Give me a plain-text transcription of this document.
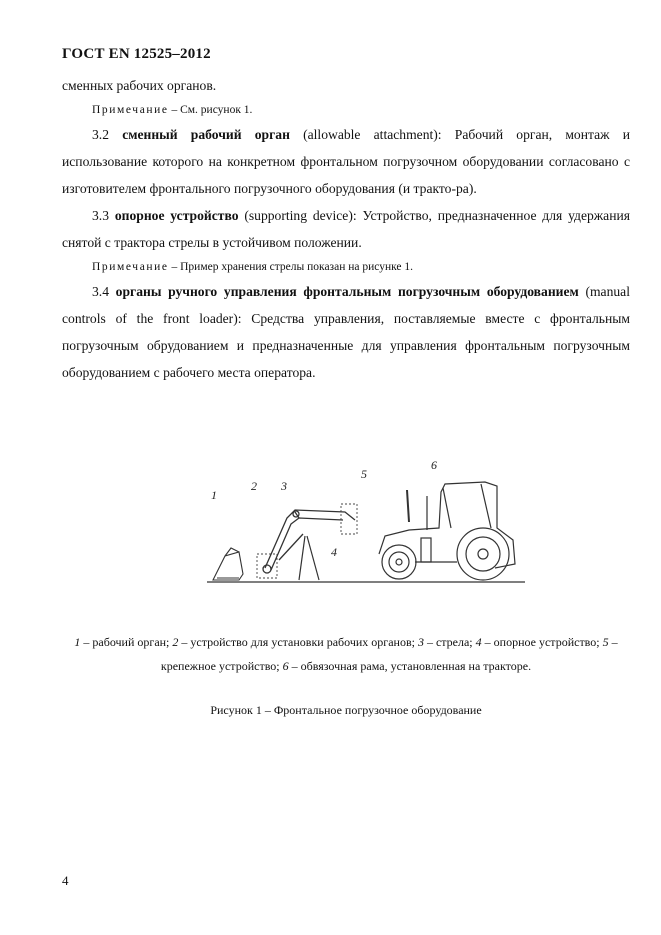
ГОСТ EN 12525–2012

сменных рабочих органов.

Примечание – См. рисунок 1.

3.2 сменный рабочий орган (allowable attachment): Рабочий орган, монтаж и использование которого на конкретном фронтальном погрузочном оборудовании согласовано с изготовителем фронтального погрузочного оборудования (и тракто-ра).

3.3 опорное устройство (supporting device): Устройство, предназначенное для удержания снятой с трактора стрелы в устойчивом положении.

Примечание – Пример хранения стрелы показан на рисунке 1.

3.4 органы ручного управления фронтальным погрузочным оборудованием (manual controls of the front loader): Средства управления, поставляемые вместе с фронтальным погрузочным обрудованием и предназначенные для управления фронтальным погрузочным оборудованием с рабочего места оператора.

1
2 3
4
5
6
1 – рабочий орган; 2 – устройство для установки рабочих органов; 3 – стрела; 4 – опорное устройство; 5 – крепежное устройство; 6 – обвязочная рама, установленная на тракторе.
Рисунок 1 – Фронтальное погрузочное оборудование
4
